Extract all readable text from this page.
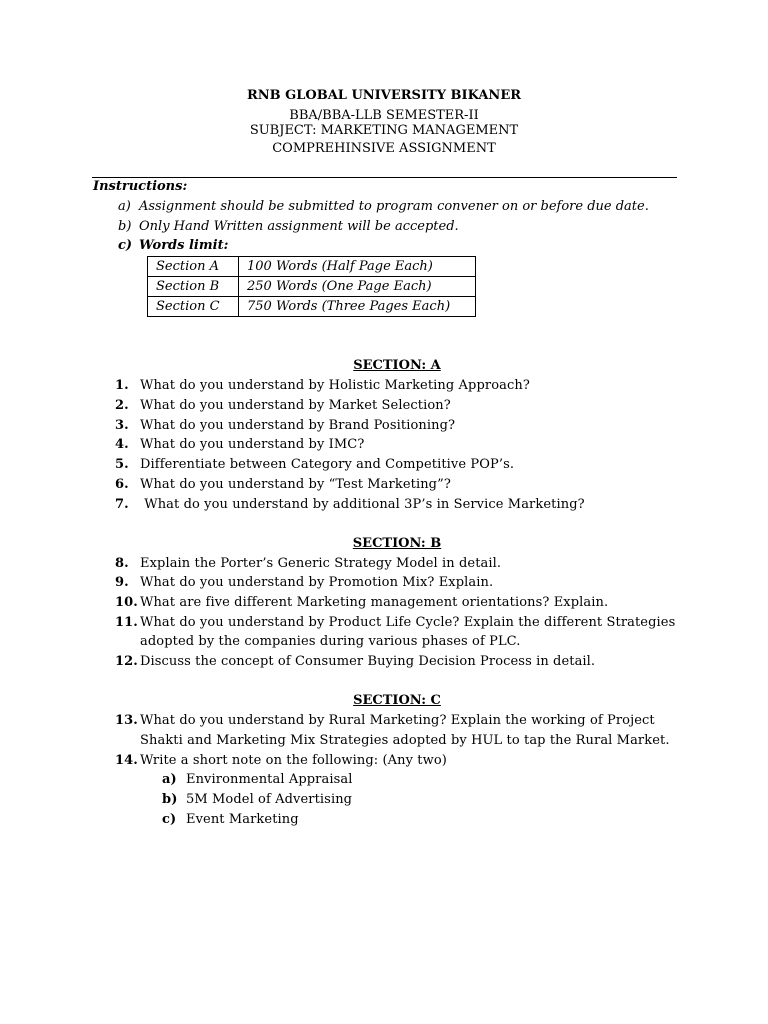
RNB GLOBAL UNIVERSITY BIKANER
BBA/BBA-LLB SEMESTER-II
SUBJECT: MARKETING MANAGEMENT
COMPREHINSIVE ASSIGNMENT
Instructions:
a) Assignment should be submitted to program convener on or before due date.
b) Only Hand Written assignment will be accepted.
c) Words limit:
Section A	100 Words (Half Page Each)
Section B	250 Words (One Page Each)
Section C	750 Words (Three Pages Each)
SECTION: A
1. What do you understand by Holistic Marketing Approach?
2. What do you understand by Market Selection?
3. What do you understand by Brand Positioning?
4. What do you understand by IMC?
5. Differentiate between Category and Competitive POP’s.
6. What do you understand by “Test Marketing”?
7. What do you understand by additional 3P’s in Service Marketing?
SECTION: B
8. Explain the Porter’s Generic Strategy Model in detail.
9. What do you understand by Promotion Mix? Explain.
10. What are five different Marketing management orientations? Explain.
11. What do you understand by Product Life Cycle? Explain the different Strategies
adopted by the companies during various phases of PLC.
12. Discuss the concept of Consumer Buying Decision Process in detail.
SECTION: C
13. What do you understand by Rural Marketing? Explain the working of Project
Shakti and Marketing Mix Strategies adopted by HUL to tap the Rural Market.
14. Write a short note on the following: (Any two)
a) Environmental Appraisal
b) 5M Model of Advertising
c) Event Marketing
